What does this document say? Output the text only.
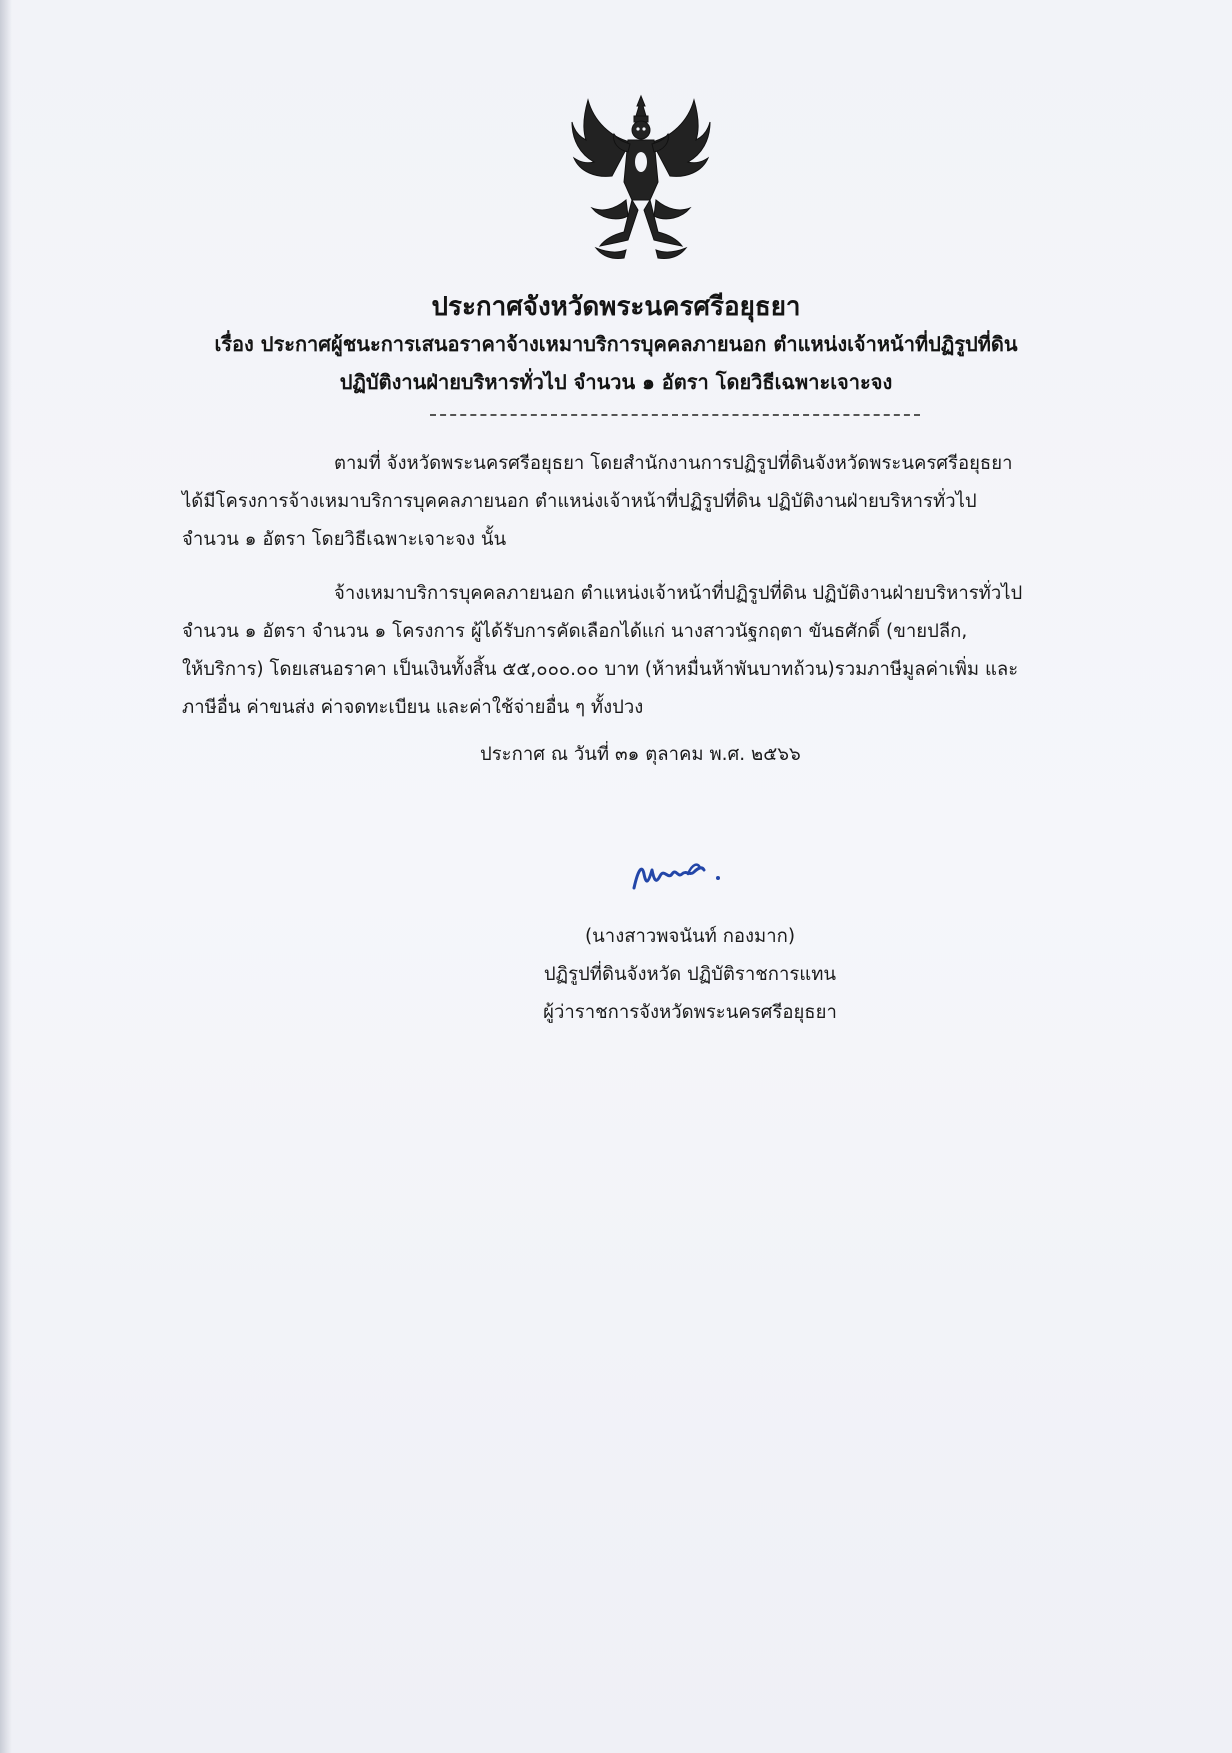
ประกาศจังหวัดพระนครศรีอยุธยา
เรื่อง ประกาศผู้ชนะการเสนอราคาจ้างเหมาบริการบุคคลภายนอก ตำแหน่งเจ้าหน้าที่ปฏิรูปที่ดิน
ปฏิบัติงานฝ่ายบริหารทั่วไป จำนวน ๑ อัตรา โดยวิธีเฉพาะเจาะจง
ตามที่ จังหวัดพระนครศรีอยุธยา โดยสำนักงานการปฏิรูปที่ดินจังหวัดพระนครศรีอยุธยา
ได้มีโครงการจ้างเหมาบริการบุคคลภายนอก ตำแหน่งเจ้าหน้าที่ปฏิรูปที่ดิน ปฏิบัติงานฝ่ายบริหารทั่วไป
จำนวน ๑ อัตรา โดยวิธีเฉพาะเจาะจง นั้น
จ้างเหมาบริการบุคคลภายนอก ตำแหน่งเจ้าหน้าที่ปฏิรูปที่ดิน ปฏิบัติงานฝ่ายบริหารทั่วไป
จำนวน ๑ อัตรา จำนวน ๑ โครงการ ผู้ได้รับการคัดเลือกได้แก่ นางสาวนัฐกฤตา ขันธศักดิ์ (ขายปลีก,
ให้บริการ) โดยเสนอราคา เป็นเงินทั้งสิ้น ๕๕,๐๐๐.๐๐ บาท (ห้าหมื่นห้าพันบาทถ้วน)รวมภาษีมูลค่าเพิ่ม และ
ภาษีอื่น ค่าขนส่ง ค่าจดทะเบียน และค่าใช้จ่ายอื่น ๆ ทั้งปวง
ประกาศ ณ วันที่ ๓๑ ตุลาคม พ.ศ. ๒๕๖๖
(นางสาวพจนันท์ กองมาก)
ปฏิรูปที่ดินจังหวัด ปฏิบัติราชการแทน
ผู้ว่าราชการจังหวัดพระนครศรีอยุธยา
